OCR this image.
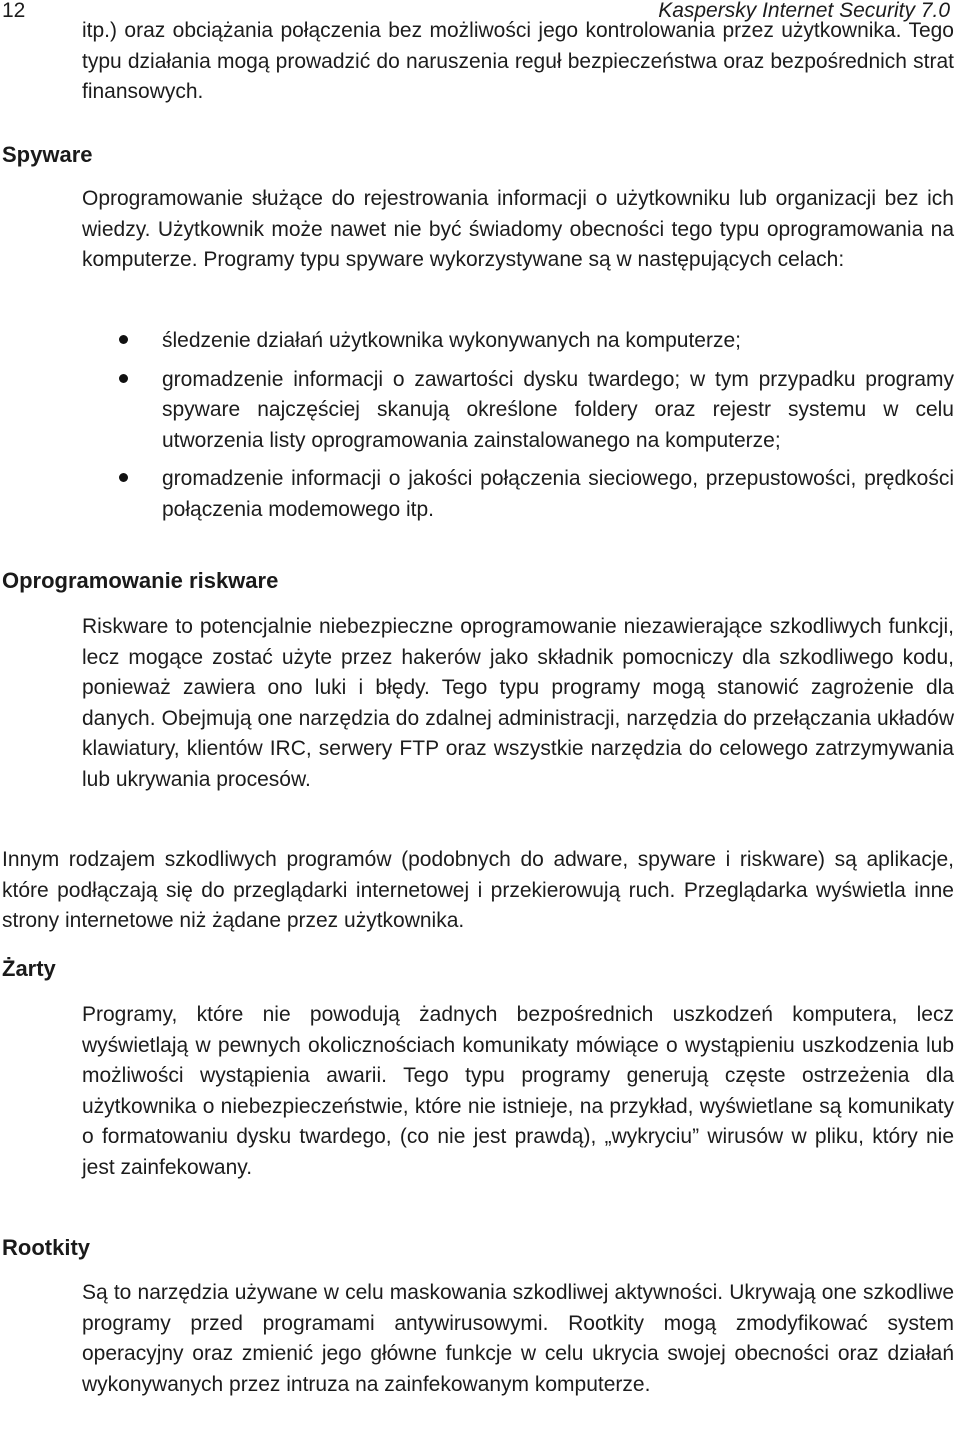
12	Kaspersky Internet Security 7.0

itp.) oraz obciążania połączenia bez możliwości jego kontrolowania przez użytkownika. Tego typu działania mogą prowadzić do naruszenia reguł bezpieczeństwa oraz bezpośrednich strat finansowych.

Spyware

Oprogramowanie służące do rejestrowania informacji o użytkowniku lub organizacji bez ich wiedzy. Użytkownik może nawet nie być świadomy obecności tego typu oprogramowania na komputerze. Programy typu spyware wykorzystywane są w następujących celach:

śledzenie działań użytkownika wykonywanych na komputerze;
gromadzenie informacji o zawartości dysku twardego; w tym przypadku programy spyware najczęściej skanują określone foldery oraz rejestr systemu w celu utworzenia listy oprogramowania zainstalowanego na komputerze;
gromadzenie informacji o jakości połączenia sieciowego, przepustowości, prędkości połączenia modemowego itp.
Oprogramowanie riskware

Riskware to potencjalnie niebezpieczne oprogramowanie niezawierające szkodliwych funkcji, lecz mogące zostać użyte przez hakerów jako składnik pomocniczy dla szkodliwego kodu, ponieważ zawiera ono luki i błędy. Tego typu programy mogą stanowić zagrożenie dla danych. Obejmują one narzędzia do zdalnej administracji, narzędzia do przełączania układów klawiatury, klientów IRC, serwery FTP oraz wszystkie narzędzia do celowego zatrzymywania lub ukrywania procesów.

Innym rodzajem szkodliwych programów (podobnych do adware, spyware i riskware) są aplikacje, które podłączają się do przeglądarki internetowej i przekierowują ruch. Przeglądarka wyświetla inne strony internetowe niż żądane przez użytkownika.

Żarty

Programy, które nie powodują żadnych bezpośrednich uszkodzeń komputera, lecz wyświetlają w pewnych okolicznościach komunikaty mówiące o wystąpieniu uszkodzenia lub możliwości wystąpienia awarii. Tego typu programy generują częste ostrzeżenia dla użytkownika o niebezpieczeństwie, które nie istnieje, na przykład, wyświetlane są komunikaty o formatowaniu dysku twardego, (co nie jest prawdą), „wykryciu” wirusów w pliku, który nie jest zainfekowany.

Rootkity

Są to narzędzia używane w celu maskowania szkodliwej aktywności. Ukrywają one szkodliwe programy przed programami antywirusowymi. Rootkity mogą zmodyfikować system operacyjny oraz zmienić jego główne funkcje w celu ukrycia swojej obecności oraz działań wykonywanych przez intruza na zainfekowanym komputerze.
